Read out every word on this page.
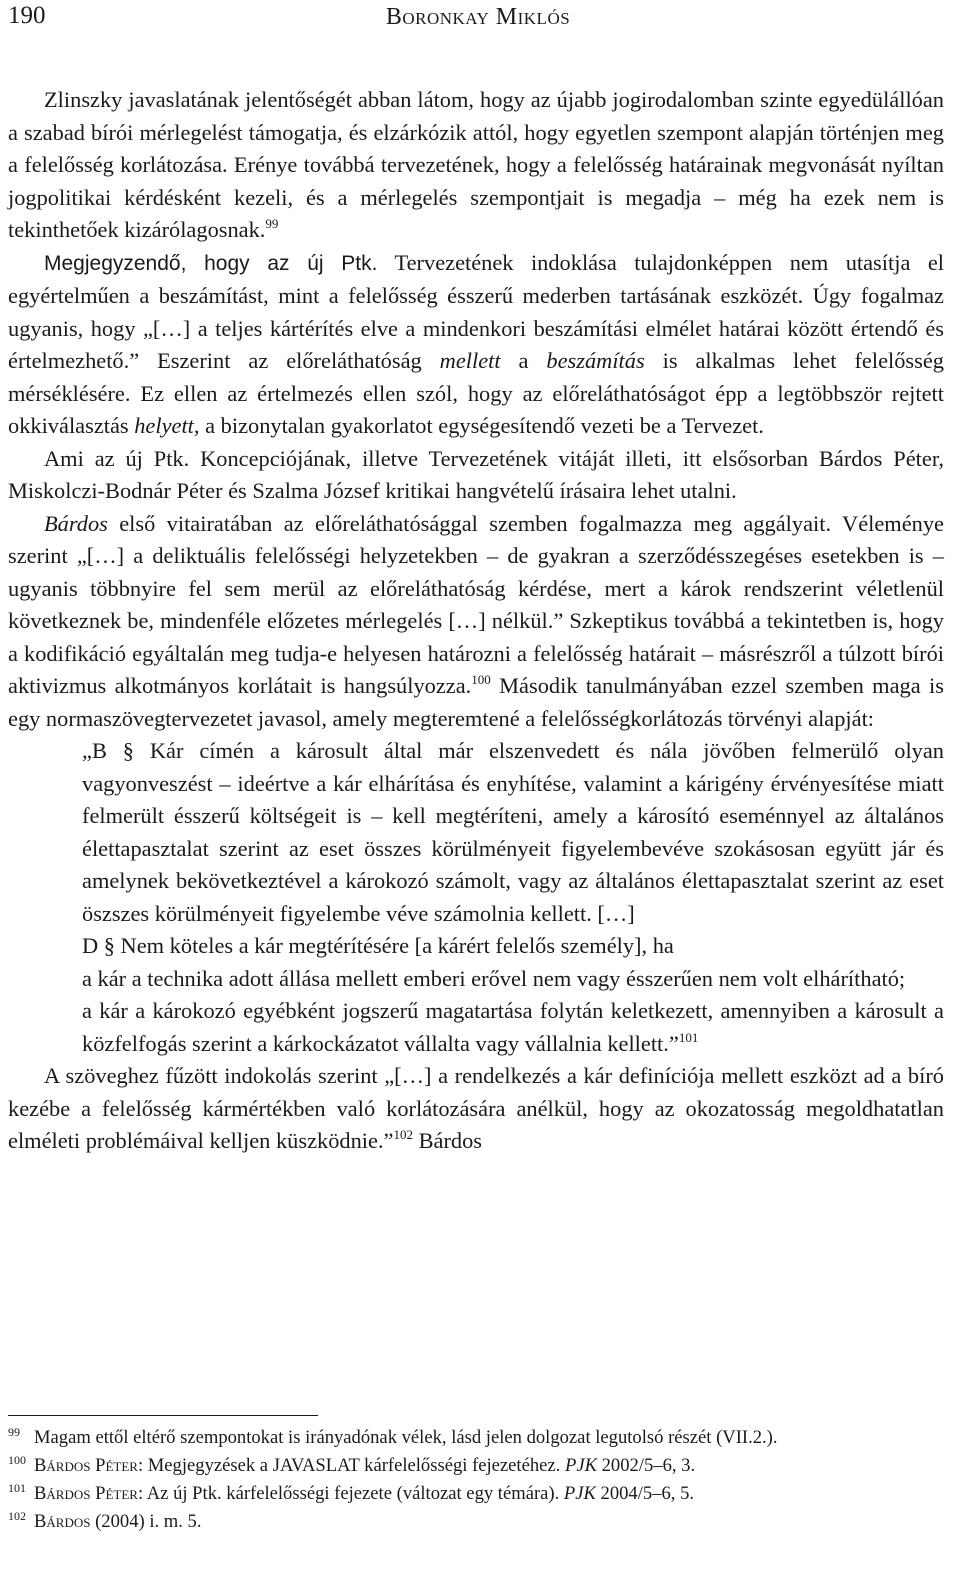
190	Boronkay Miklós

Zlinszky javaslatának jelentőségét abban látom, hogy az újabb jogirodalomban szinte egyedülállóan a szabad bírói mérlegelést támogatja, és elzárkózik attól, hogy egyetlen szempont alapján történjen meg a felelősség korlátozása. Erénye továbbá tervezetének, hogy a felelősség határainak megvonását nyíltan jogpolitikai kérdésként kezeli, és a mérlegelés szempontjait is megadja – még ha ezek nem is tekinthetőek kizárólagosnak.$^{99}$

Megjegyzendő, hogy az új Ptk. Tervezetének indoklása tulajdonképpen nem utasítja el egyértelműen a beszámítást, mint a felelősség ésszerű mederben tartásának eszközét. Úgy fogalmaz ugyanis, hogy „[…] a teljes kártérítés elve a mindenkori beszámítási elmélet határai között értendő és értelmezhető.” Eszerint az előreláthatóság mellett a beszámítás is alkalmas lehet felelősség mérséklésére. Ez ellen az értelmezés ellen szól, hogy az előreláthatóságot épp a legtöbbször rejtett okkiválasztás helyett, a bizonytalan gyakorlatot egységesítendő vezeti be a Tervezet.

Ami az új Ptk. Koncepciójának, illetve Tervezetének vitáját illeti, itt elsősorban Bárdos Péter, Miskolczi-Bodnár Péter és Szalma József kritikai hangvételű írásaira lehet utalni.

Bárdos első vitairatában az előreláthatósággal szemben fogalmazza meg aggályait. Véleménye szerint „[…] a deliktuális felelősségi helyzetekben – de gyakran a szerződésszegéses esetekben is – ugyanis többnyire fel sem merül az előreláthatóság kérdése, mert a károk rendszerint véletlenül következnek be, mindenféle előzetes mérlegelés […] nélkül.” Szkeptikus továbbá a tekintetben is, hogy a kodifikáció egyáltalán meg tudja-e helyesen határozni a felelősség határait – másrészről a túlzott bírói aktivizmus alkotmányos korlátait is hangsúlyozza.$^{100}$ Második tanulmányában ezzel szemben maga is egy normaszövegtervezetet javasol, amely megteremtené a felelősségkorlátozás törvényi alapját:

„B § Kár címén a károsult által már elszenvedett és nála jövőben felmerülő olyan vagyonveszést – ideértve a kár elhárítása és enyhítése, valamint a kárigény érvényesítése miatt felmerült ésszerű költségeit is – kell megtéríteni, amely a károsító eseménnyel az általános élettapasztalat szerint az eset összes körülményeit figyelembevéve szokásosan együtt jár és amelynek bekövetkeztével a károkozó számolt, vagy az általános élettapasztalat szerint az eset öszszes körülményeit figyelembe véve számolnia kellett. […]

D § Nem köteles a kár megtérítésére [a kárért felelős személy], ha

a kár a technika adott állása mellett emberi erővel nem vagy ésszerűen nem volt elhárítható;

a kár a károkozó egyébként jogszerű magatartása folytán keletkezett, amennyiben a károsult a közfelfogás szerint a kárkockázatot vállalta vagy vállalnia kellett.”$^{101}$

A szöveghez fűzött indokolás szerint „[…] a rendelkezés a kár definíciója mellett eszközt ad a bíró kezébe a felelősség kármértékben való korlátozására anélkül, hogy az okozatosság megoldhatatlan elméleti problémáival kelljen küszködnie.”$^{102}$ Bárdos

99 Magam ettől eltérő szempontokat is irányadónak vélek, lásd jelen dolgozat legutolsó részét (VII.2.).

100 Bárdos Péter: Megjegyzések a JAVASLAT kárfelelősségi fejezetéhez. PJK 2002/5–6, 3.

101 Bárdos Péter: Az új Ptk. kárfelelősségi fejezete (változat egy témára). PJK 2004/5–6, 5.

102 Bárdos (2004) i. m. 5.
